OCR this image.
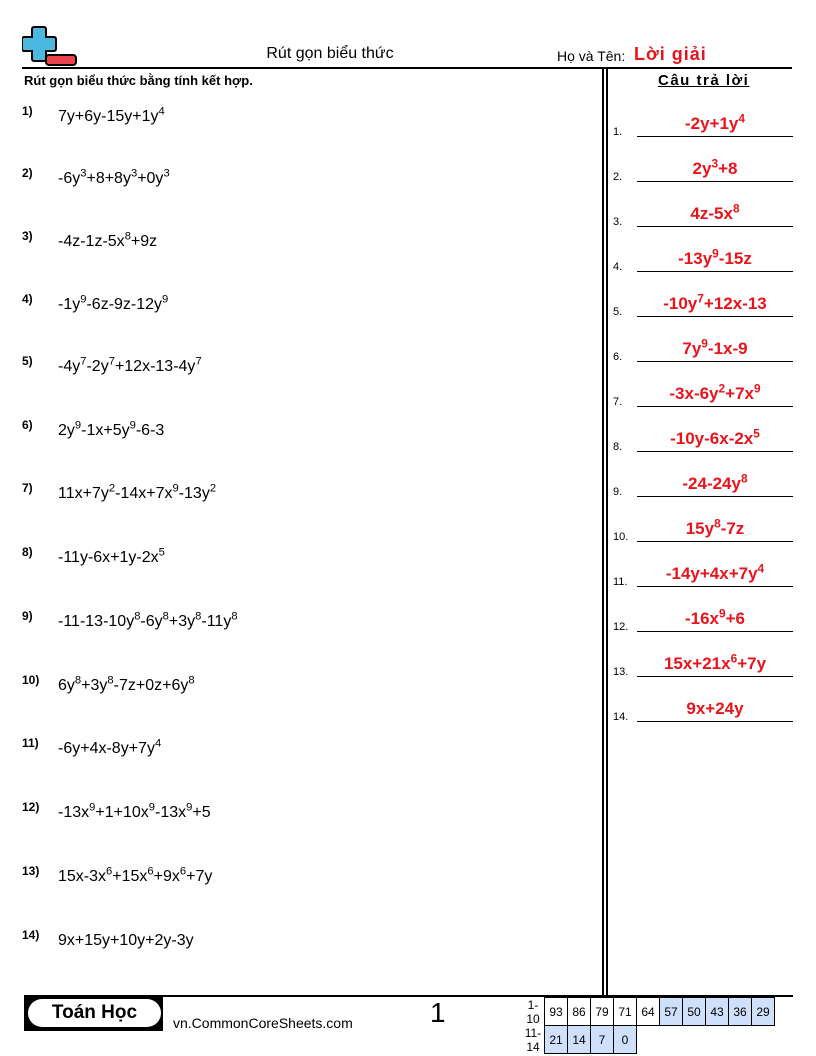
Rút gọn biểu thức	Họ và Tên: Lời giải
Rút gọn biểu thức bằng tính kết hợp.	Câu trả lời
1) $7y+6y-15y+1y^4$
2) $-6y^3+8+8y^3+0y^3$
3) $-4z-1z-5x^8+9z$
4) $-1y^9-6z-9z-12y^9$
5) $-4y^7-2y^7+12x-13-4y^7$
6) $2y^9-1x+5y^9-6-3$
7) $11x+7y^2-14x+7x^9-13y^2$
8) $-11y-6x+1y-2x^5$
9) $-11-13-10y^8-6y^8+3y^8-11y^8$
10) $6y^8+3y^8-7z+0z+6y^8$
11) $-6y+4x-8y+7y^4$
12) $-13x^9+1+10x^9-13x^9+5$
13) $15x-3x^6+15x^6+9x^6+7y$
14) 9x+15y+10y+2y-3y
1.	$-2y+1y^4$
2.	$2y^3+8$
3.	$4z-5x^8$
4.	$-13y^9-15z$
5.	$-10y^7+12x-13$
6.	$7y^9-1x-9$
7.	$-3x-6y^2+7x^9$
8.	$-10y-6x-2x^5$
9.	$-24-24y^8$
10.	$15y^8-7z$
11.	$-14y+4x+7y^4$
12.	$-16x^9+6$
13.	$15x+21x^6+7y$
14.	9x+24y
Toán Học	vn.CommonCoreSheets.com	1	1-10	93	86	79	71	64	57	50	43	36	29
11-14	21	14	7	0						
